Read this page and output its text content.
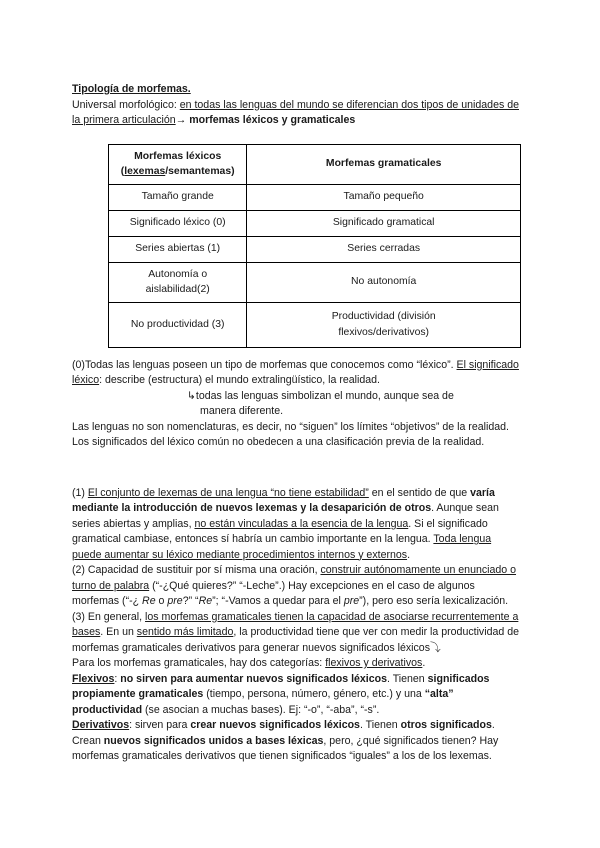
Tipología de morfemas.

Universal morfológico: en todas las lenguas del mundo se diferencian dos tipos de unidades de la primera articulación→ morfemas léxicos y gramaticales

Morfemas léxicos
(lexemas/semantemas)	Morfemas gramaticales
Tamaño grande	Tamaño pequeño
Significado léxico (0)	Significado gramatical
Series abiertas (1)	Series cerradas
Autonomía o aislabilidad(2)	No autonomía
No productividad (3)	Productividad (división flexivos/derivativos)

(0)Todas las lenguas poseen un tipo de morfemas que conocemos como “léxico”. El significado léxico: describe (estructura) el mundo extralingüístico, la realidad.

↳todas las lenguas simbolizan el mundo, aunque sea de
manera diferente.

Las lenguas no son nomenclaturas, es decir, no “siguen” los límites “objetivos” de la realidad. Los significados del léxico común no obedecen a una clasificación previa de la realidad.

(1) El conjunto de lexemas de una lengua “no tiene estabilidad” en el sentido de que varía mediante la introducción de nuevos lexemas y la desaparición de otros. Aunque sean series abiertas y amplias, no están vinculadas a la esencia de la lengua. Si el significado gramatical cambiase, entonces sí habría un cambio importante en la lengua. Toda lengua puede aumentar su léxico mediante procedimientos internos y externos.

(2) Capacidad de sustituir por sí misma una oración, construir autónomamente un enunciado o turno de palabra (“-¿Qué quieres?” “-Leche”.) Hay excepciones en el caso de algunos morfemas (“-¿ Re o pre?” “Re”; “-Vamos a quedar para el pre”), pero eso sería lexicalización.

(3) En general, los morfemas gramaticales tienen la capacidad de asociarse recurrentemente a bases. En un sentido más limitado, la productividad tiene que ver con medir la productividad de morfemas gramaticales derivativos para generar nuevos significados léxicos⤵

Para los morfemas gramaticales, hay dos categorías: flexivos y derivativos.

Flexivos: no sirven para aumentar nuevos significados léxicos. Tienen significados propiamente gramaticales (tiempo, persona, número, género, etc.) y una “alta” productividad (se asocian a muchas bases). Ej: “-o”, “-aba”, “-s”.

Derivativos: sirven para crear nuevos significados léxicos. Tienen otros significados. Crean nuevos significados unidos a bases léxicas, pero, ¿qué significados tienen? Hay morfemas gramaticales derivativos que tienen significados “iguales” a los de los lexemas.
